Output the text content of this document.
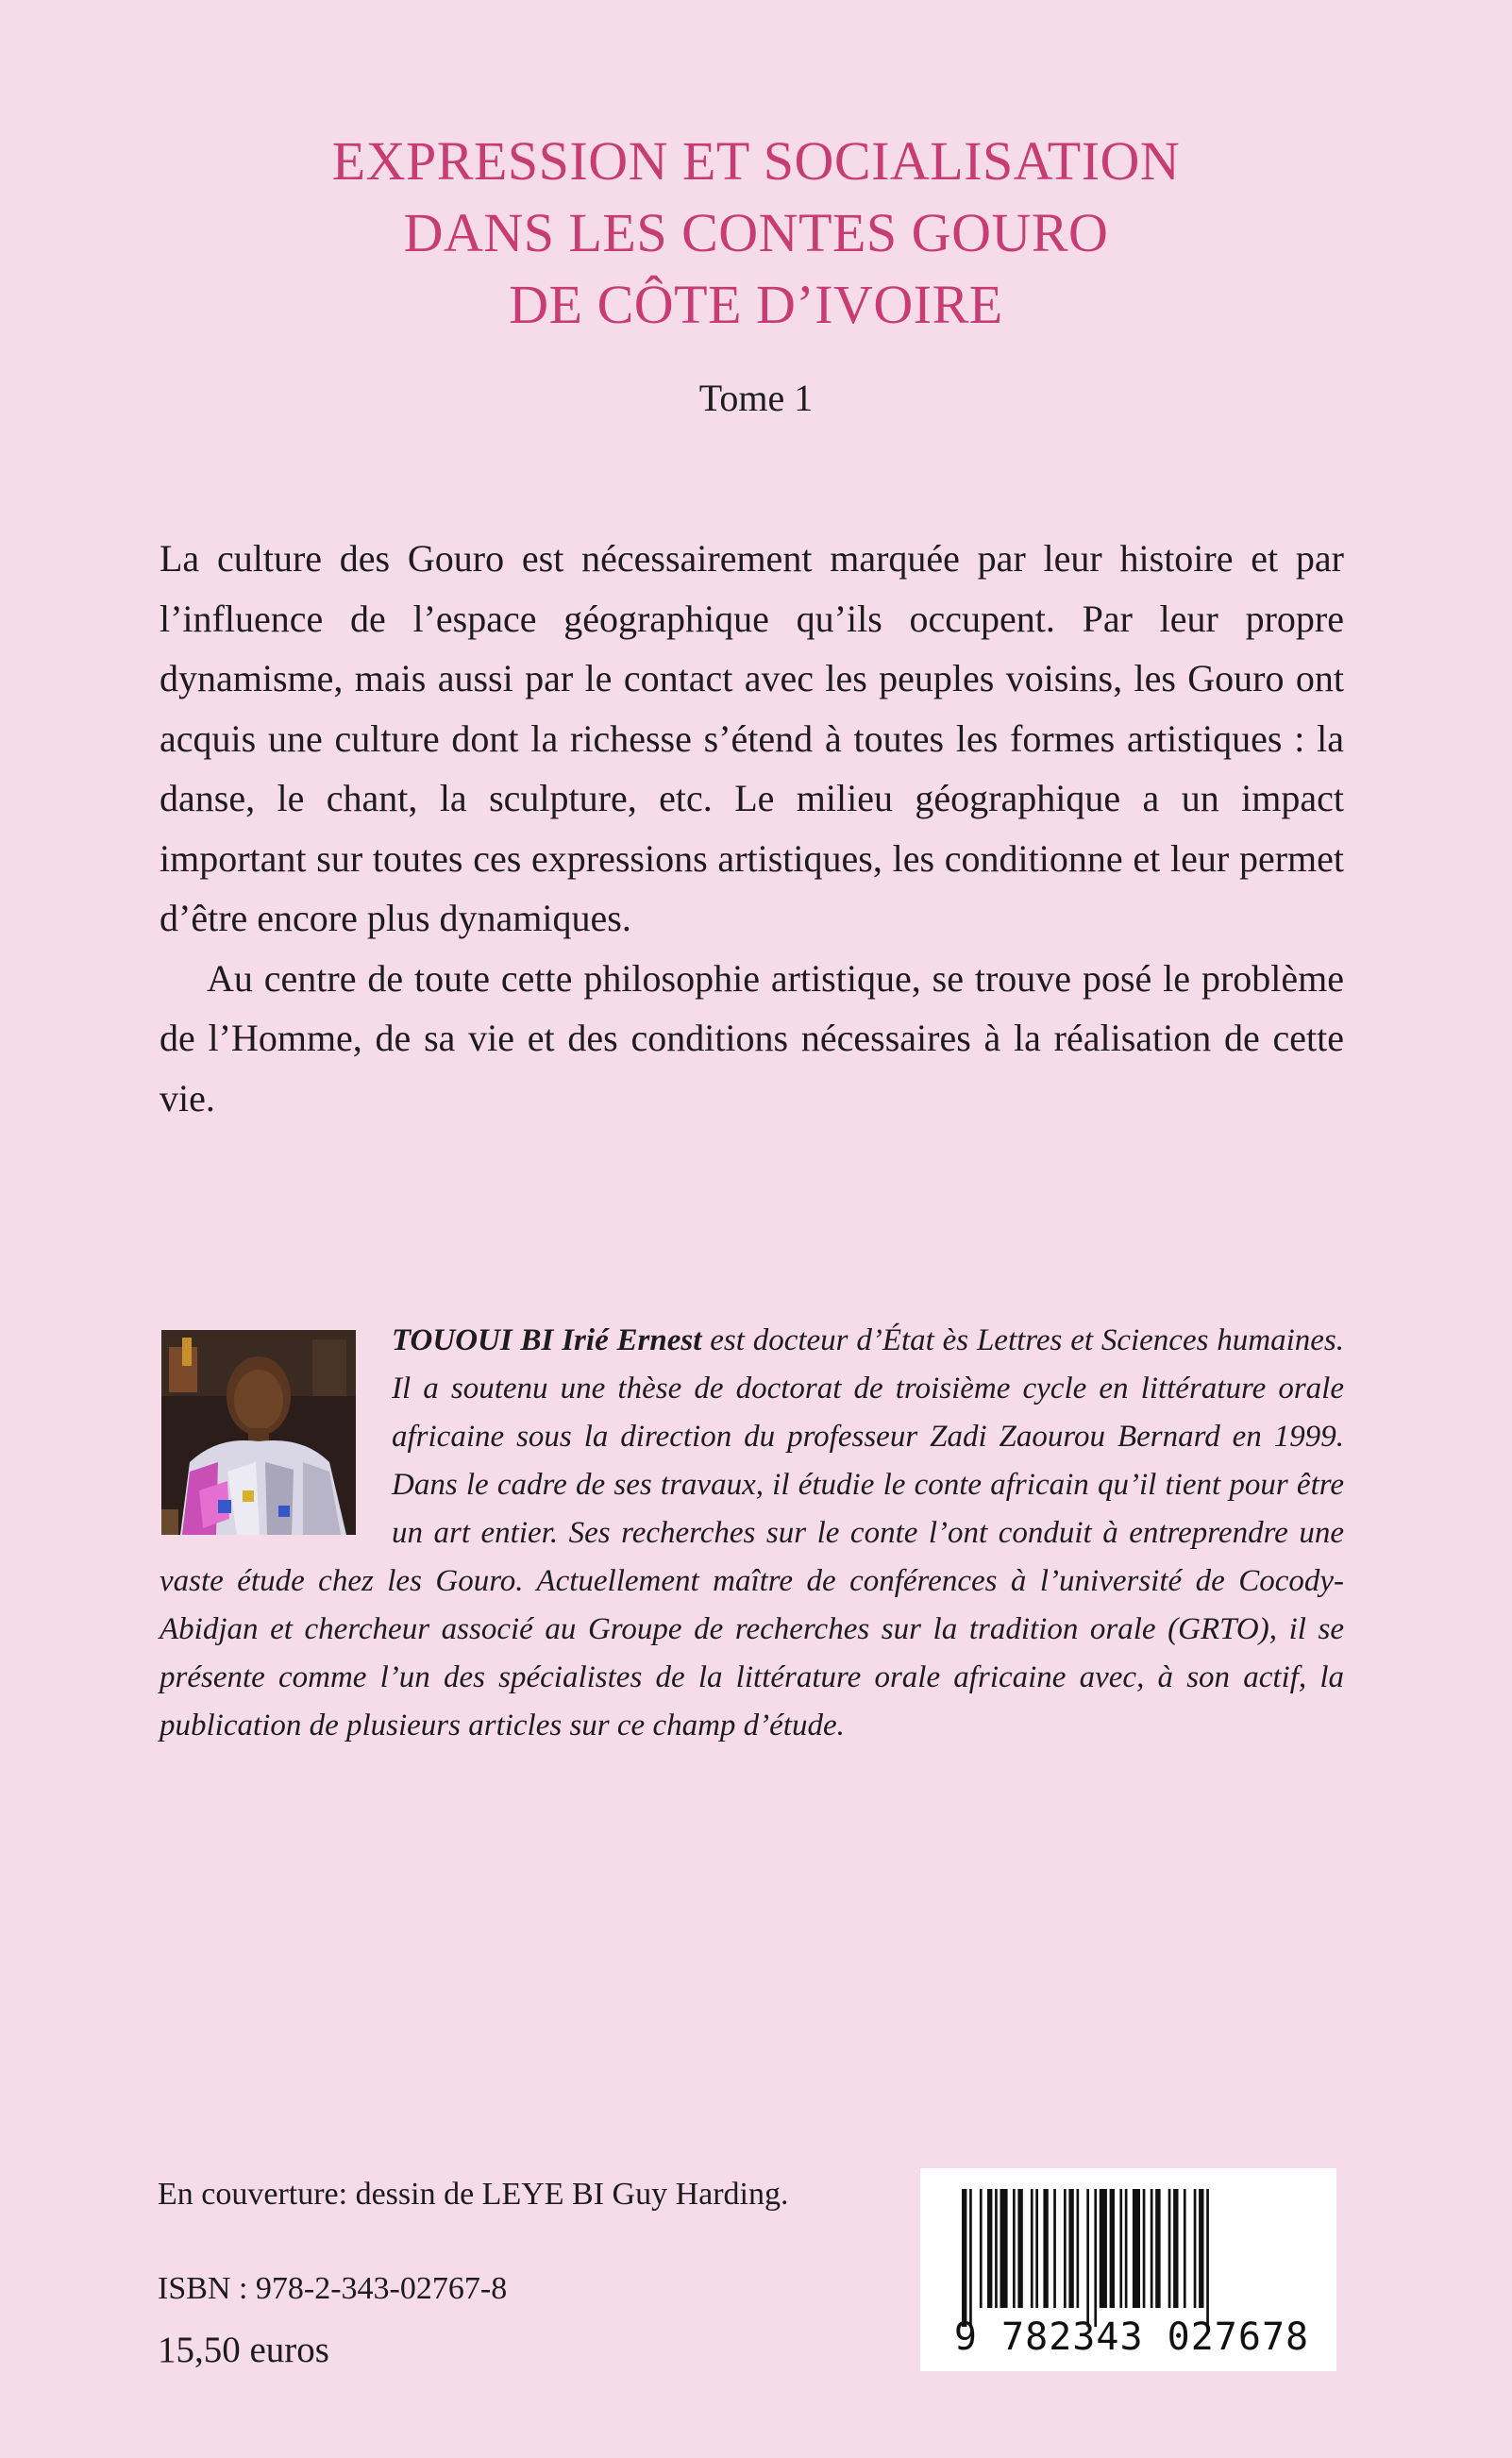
EXPRESSION ET SOCIALISATION
DANS LES CONTES GOURO
DE CÔTE D’IVOIRE
Tome 1

La culture des Gouro est nécessairement marquée par leur histoire et par l’influence de l’espace géographique qu’ils occupent. Par leur propre dynamisme, mais aussi par le contact avec les peuples voisins, les Gouro ont acquis une culture dont la richesse s’étend à toutes les formes artistiques : la danse, le chant, la sculpture, etc. Le milieu géographique a un impact important sur toutes ces expressions artistiques, les conditionne et leur permet d’être encore plus dynamiques.

Au centre de toute cette philosophie artistique, se trouve posé le problème de l’Homme, de sa vie et des conditions nécessaires à la réalisation de cette vie.

TOUOUI BI Irié Ernest est docteur d’État ès Lettres et Sciences humaines. Il a soutenu une thèse de doctorat de troisième cycle en littérature orale africaine sous la direction du professeur Zadi Zaourou Bernard en 1999. Dans le cadre de ses travaux, il étudie le conte africain qu’il tient pour être un art entier. Ses recherches sur le conte l’ont conduit à entreprendre une vaste étude chez les Gouro. Actuellement maître de conférences à l’université de Cocody-Abidjan et chercheur associé au Groupe de recherches sur la tradition orale (GRTO), il se présente comme l’un des spécialistes de la littérature orale africaine avec, à son actif, la publication de plusieurs articles sur ce champ d’étude.
En couverture: dessin de LEYE BI Guy Harding.
ISBN : 978-2-343-02767-8
15,50 euros	9 782343 027678
